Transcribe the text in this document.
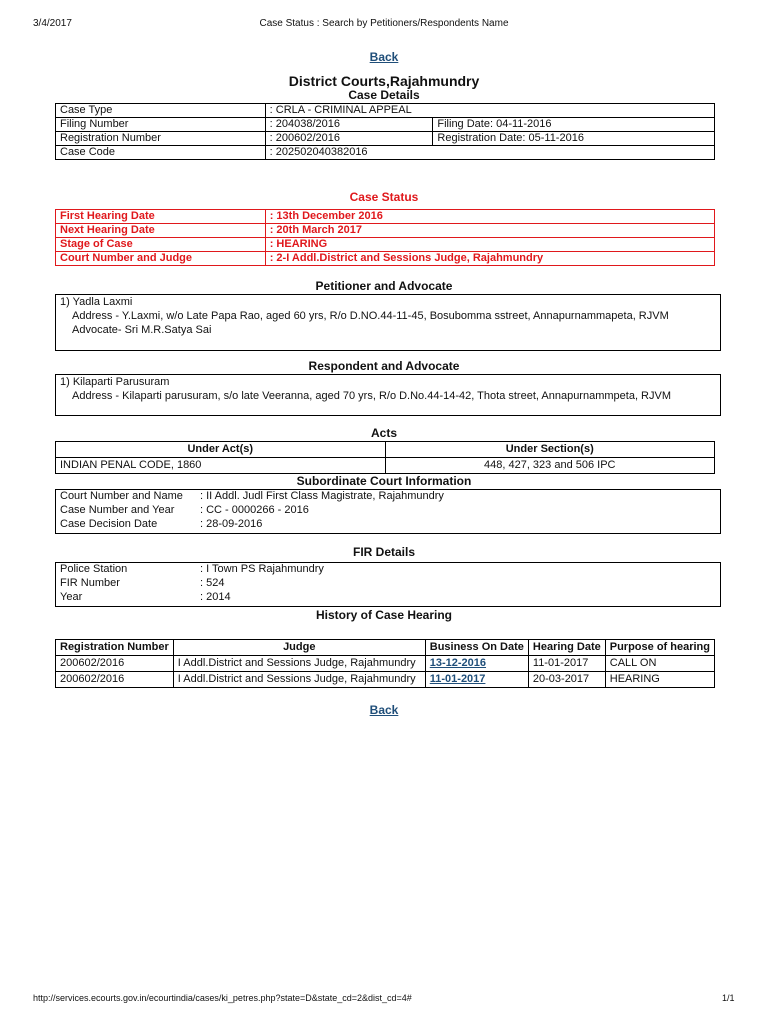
3/4/2017	Case Status : Search by Petitioners/Respondents Name
Back
District Courts,Rajahmundry
Case Details
Case Type	: CRLA - CRIMINAL APPEAL	
Filing Number	: 204038/2016	Filing Date: 04-11-2016
Registration Number	: 200602/2016	Registration Date: 05-11-2016
Case Code	: 202502040382016	
Case Status
First Hearing Date	: 13th December 2016
Next Hearing Date	: 20th March 2017
Stage of Case	: HEARING
Court Number and Judge	: 2-I Addl.District and Sessions Judge, Rajahmundry
Petitioner and Advocate
1) Yadla Laxmi
Address - Y.Laxmi, w/o Late Papa Rao, aged 60 yrs, R/o D.NO.44-11-45, Bosubomma sstreet, Annapurnammapeta, RJVM
Advocate- Sri M.R.Satya Sai
Respondent and Advocate
1) Kilaparti Parusuram
Address - Kilaparti parusuram, s/o late Veeranna, aged 70 yrs, R/o D.No.44-14-42, Thota street, Annapurnammpeta, RJVM
Acts
Under Act(s)	Under Section(s)
INDIAN PENAL CODE, 1860	448, 427, 323 and 506 IPC
Subordinate Court Information
Court Number and Name : II Addl. Judl First Class Magistrate, Rajahmundry
Case Number and Year : CC - 0000266 - 2016
Case Decision Date	: 28-09-2016
FIR Details
Police Station	: I Town PS Rajahmundry
FIR Number	: 524
Year	: 2014
History of Case Hearing
Registration Number	Judge	Business On Date	Hearing Date	Purpose of hearing
200602/2016	I Addl.District and Sessions Judge, Rajahmundry	13-12-2016	11-01-2017	CALL ON
200602/2016	I Addl.District and Sessions Judge, Rajahmundry	11-01-2017	20-03-2017	HEARING
Back
http://services.ecourts.gov.in/ecourtindia/cases/ki_petres.php?state=D&state_cd=2&dist_cd=4#	1/1
